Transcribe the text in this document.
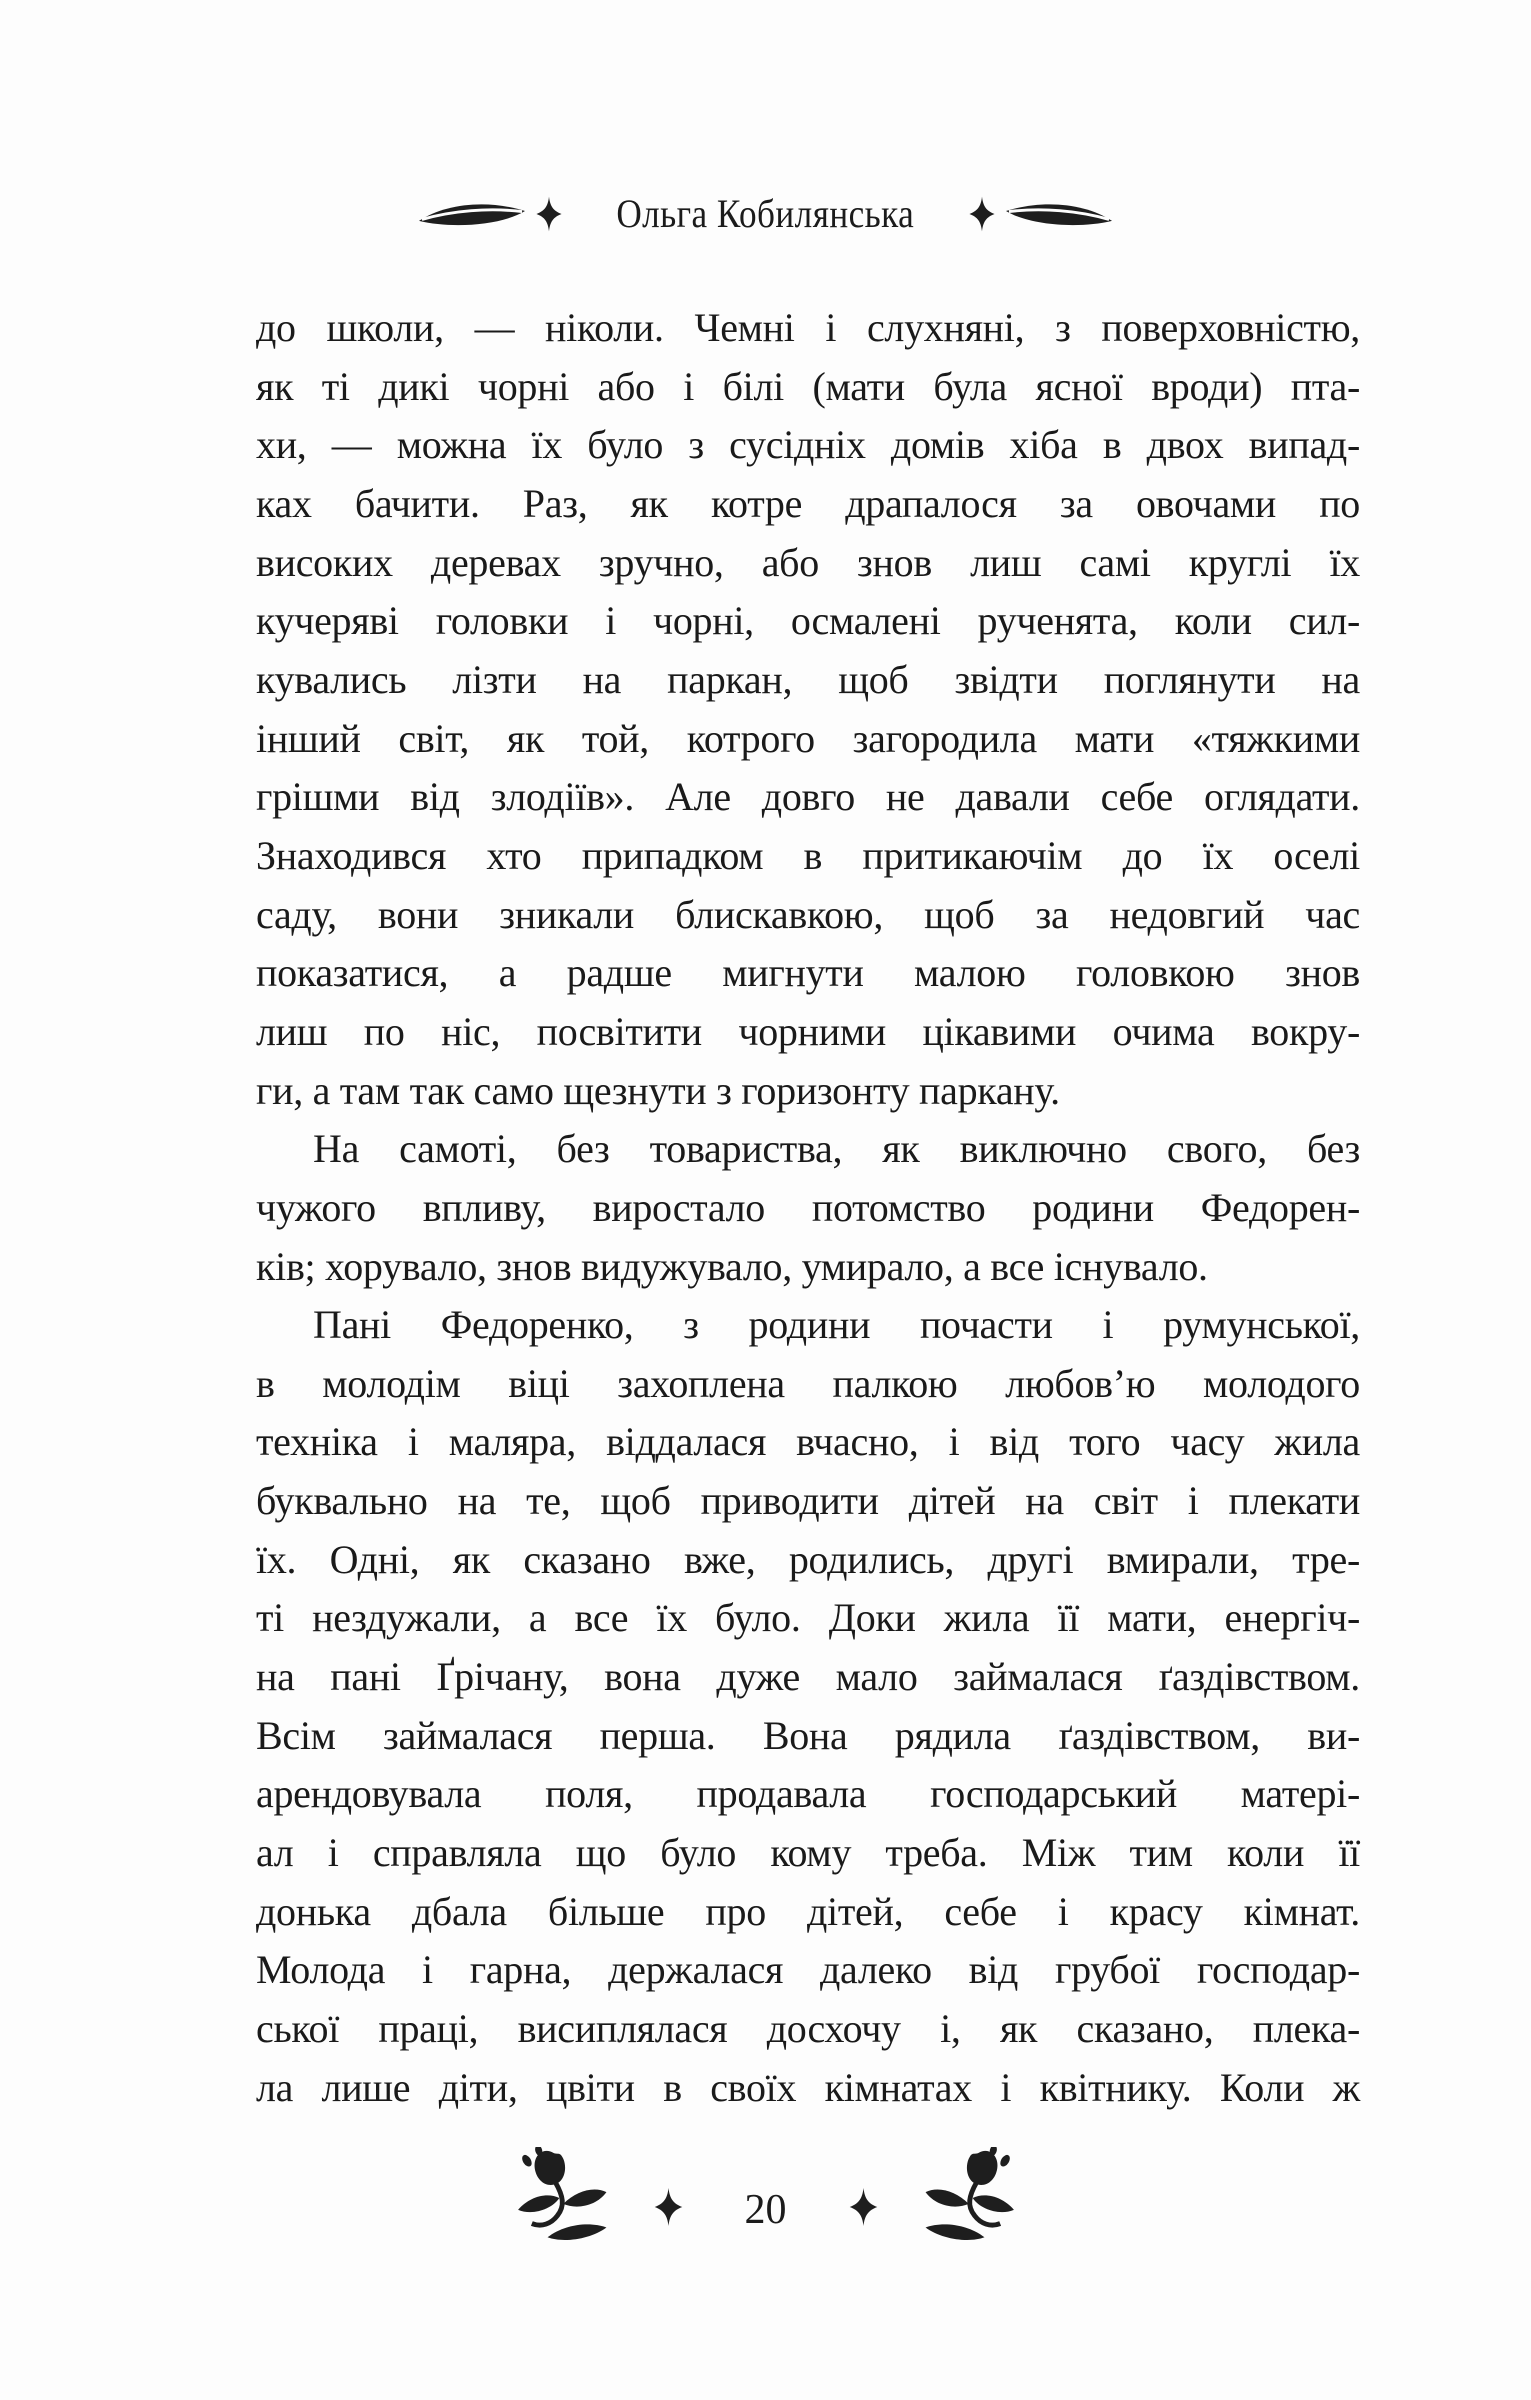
Ольга Кобилянська
до школи, — ніколи. Чемні і слухняні, з поверховністю,
як ті дикі чорні або і білі (мати була ясної вроди) пта-
хи, — можна їх було з сусідніх домів хіба в двох випад-
ках бачити. Раз, як котре драпалося за овочами по
високих деревах зручно, або знов лиш самі круглі їх
кучеряві головки і чорні, осмалені рученята, коли сил-
кувались лізти на паркан, щоб звідти поглянути на
інший світ, як той, котрого загородила мати «тяжкими
грішми від злодіїв». Але довго не давали себе оглядати.
Знаходився хто припадком в притикаючім до їх оселі
саду, вони зникали блискавкою, щоб за недовгий час
показатися, а радше мигнути малою головкою знов
лиш по ніс, посвітити чорними цікавими очима вокру-
ги, а там так само щезнути з горизонту паркану.
На самоті, без товариства, як виключно свого, без
чужого впливу, виростало потомство родини Федорен-
ків; хорувало, знов видужувало, умирало, а все існувало.
Пані Федоренко, з родини почасти і румунської,
в молодім віці захоплена палкою любов’ю молодого
техніка і маляра, віддалася вчасно, і від того часу жила
буквально на те, щоб приводити дітей на світ і плекати
їх. Одні, як сказано вже, родились, другі вмирали, тре-
ті нездужали, а все їх було. Доки жила її мати, енергіч-
на пані Ґрічану, вона дуже мало займалася ґаздівством.
Всім займалася перша. Вона рядила ґаздівством, ви-
арендовувала поля, продавала господарський матері-
ал і справляла що було кому треба. Між тим коли її
донька дбала більше про дітей, себе і красу кімнат.
Молода і гарна, держалася далеко від грубої господар-
ської праці, висиплялася досхочу і, як сказано, плека-
ла лише діти, цвіти в своїх кімнатах і квітнику. Коли ж
20
